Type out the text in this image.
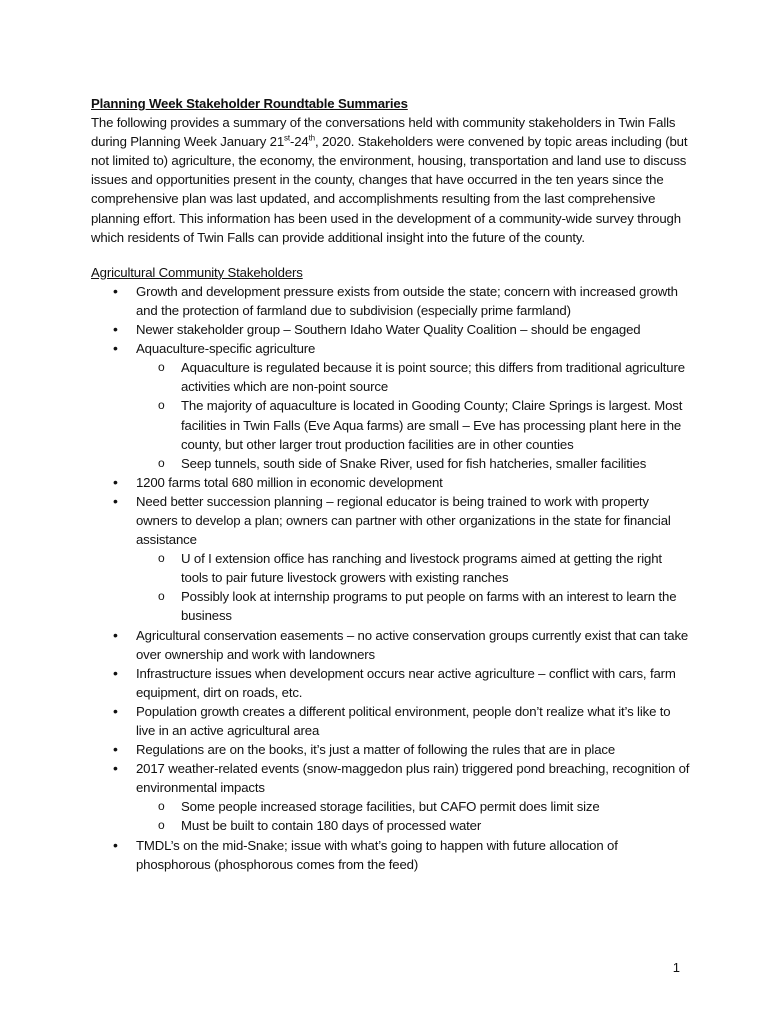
Planning Week Stakeholder Roundtable Summaries

The following provides a summary of the conversations held with community stakeholders in Twin Falls during Planning Week January 21st-24th, 2020. Stakeholders were convened by topic areas including (but not limited to) agriculture, the economy, the environment, housing, transportation and land use to discuss issues and opportunities present in the county, changes that have occurred in the ten years since the comprehensive plan was last updated, and accomplishments resulting from the last comprehensive planning effort. This information has been used in the development of a community-wide survey through which residents of Twin Falls can provide additional insight into the future of the county.

Agricultural Community Stakeholders

• Growth and development pressure exists from outside the state; concern with increased growth and the protection of farmland due to subdivision (especially prime farmland)
• Newer stakeholder group – Southern Idaho Water Quality Coalition – should be engaged
• Aquaculture-specific agriculture
o Aquaculture is regulated because it is point source; this differs from traditional agriculture activities which are non-point source
o The majority of aquaculture is located in Gooding County; Claire Springs is largest. Most facilities in Twin Falls (Eve Aqua farms) are small – Eve has processing plant here in the county, but other larger trout production facilities are in other counties
o Seep tunnels, south side of Snake River, used for fish hatcheries, smaller facilities
• 1200 farms total 680 million in economic development
• Need better succession planning – regional educator is being trained to work with property owners to develop a plan; owners can partner with other organizations in the state for financial assistance
o U of I extension office has ranching and livestock programs aimed at getting the right tools to pair future livestock growers with existing ranches
o Possibly look at internship programs to put people on farms with an interest to learn the business
• Agricultural conservation easements – no active conservation groups currently exist that can take over ownership and work with landowners
• Infrastructure issues when development occurs near active agriculture – conflict with cars, farm equipment, dirt on roads, etc.
• Population growth creates a different political environment, people don’t realize what it’s like to live in an active agricultural area
• Regulations are on the books, it’s just a matter of following the rules that are in place
• 2017 weather-related events (snow-maggedon plus rain) triggered pond breaching, recognition of environmental impacts
o Some people increased storage facilities, but CAFO permit does limit size
o Must be built to contain 180 days of processed water
• TMDL’s on the mid-Snake; issue with what’s going to happen with future allocation of phosphorous (phosphorous comes from the feed)
1
